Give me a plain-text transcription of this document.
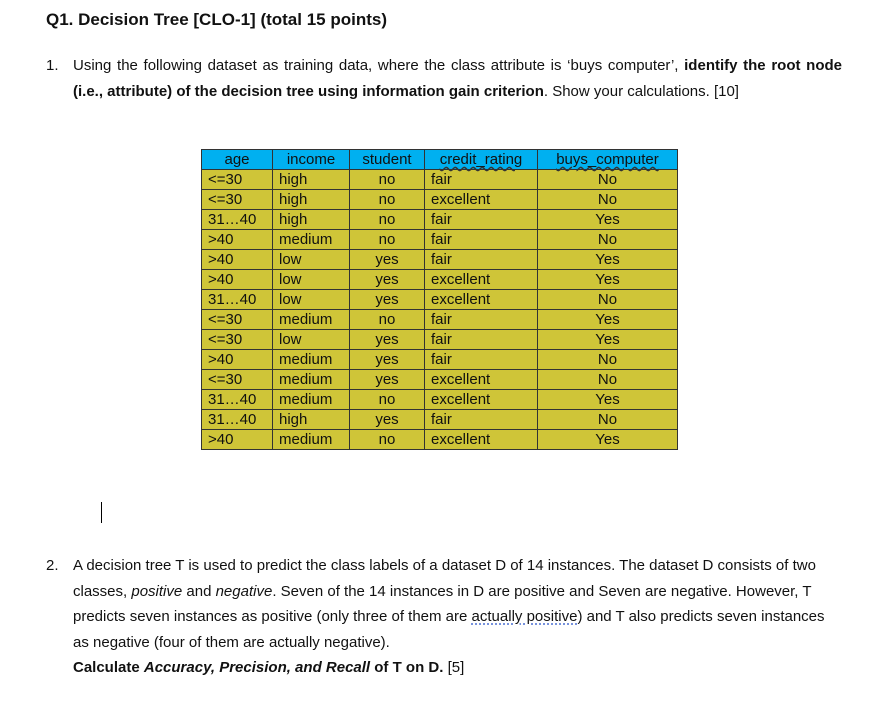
Q1. Decision Tree [CLO-1] (total 15 points)
1. Using the following dataset as training data, where the class attribute is ‘buys computer’, identify the root node (i.e., attribute) of the decision tree using information gain criterion. Show your calculations. [10]
age	income	student	credit_rating	buys_computer
<=30	high	no	fair	No
<=30	high	no	excellent	No
31…40	high	no	fair	Yes
>40	medium	no	fair	No
>40	low	yes	fair	Yes
>40	low	yes	excellent	Yes
31…40	low	yes	excellent	No
<=30	medium	no	fair	Yes
<=30	low	yes	fair	Yes
>40	medium	yes	fair	No
<=30	medium	yes	excellent	No
31…40	medium	no	excellent	Yes
31…40	high	yes	fair	No
>40	medium	no	excellent	Yes
2. A decision tree T is used to predict the class labels of a dataset D of 14 instances. The dataset D consists of two classes, positive and negative. Seven of the 14 instances in D are positive and Seven are negative. However, T predicts seven instances as positive (only three of them are actually positive) and T also predicts seven instances as negative (four of them are actually negative).
Calculate Accuracy, Precision, and Recall of T on D. [5]
